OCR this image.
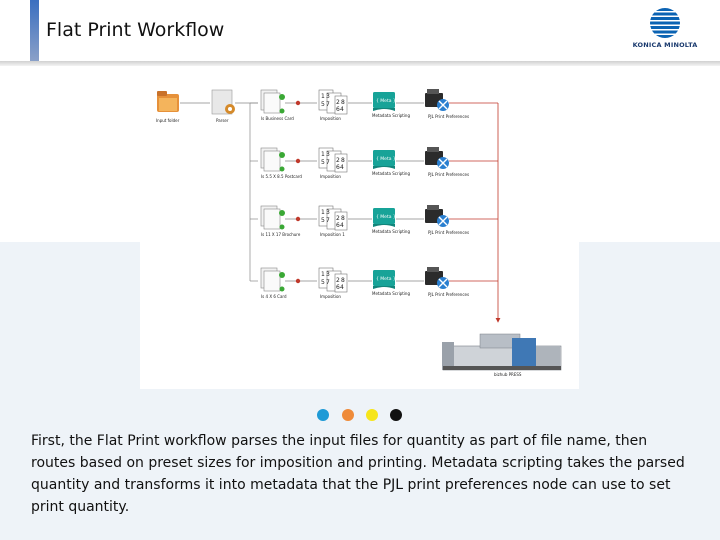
Flat Print Workflow
KONICA MINOLTA
Input folder	Parser
bizhub PRESS
Is Business Card
1 3
5 7 2
4
6
8
Imposition
{ Meta }
Metadata Scripting	PJL Print Preferences
Is 5.5 X 8.5 Postcard
1 3
5 7 2
4
6
8
Imposition
{ Meta }
Metadata Scripting	PJL Print Preferences
Is 11 X 17 Brochure
1 3
5 7 2
4
6
8
Imposition 1
{ Meta }
Metadata Scripting	PJL Print Preferences
Is 4 X 6 Card
1 3
5 7 2
4
6
8
Imposition
{ Meta }
Metadata Scripting	PJL Print Preferences
First, the Flat Print workflow parses the input files for quantity as part of file name, then routes based on preset sizes for imposition and printing. Metadata scripting takes the parsed quantity and transforms it into metadata that the PJL print preferences node can use to set print quantity.
